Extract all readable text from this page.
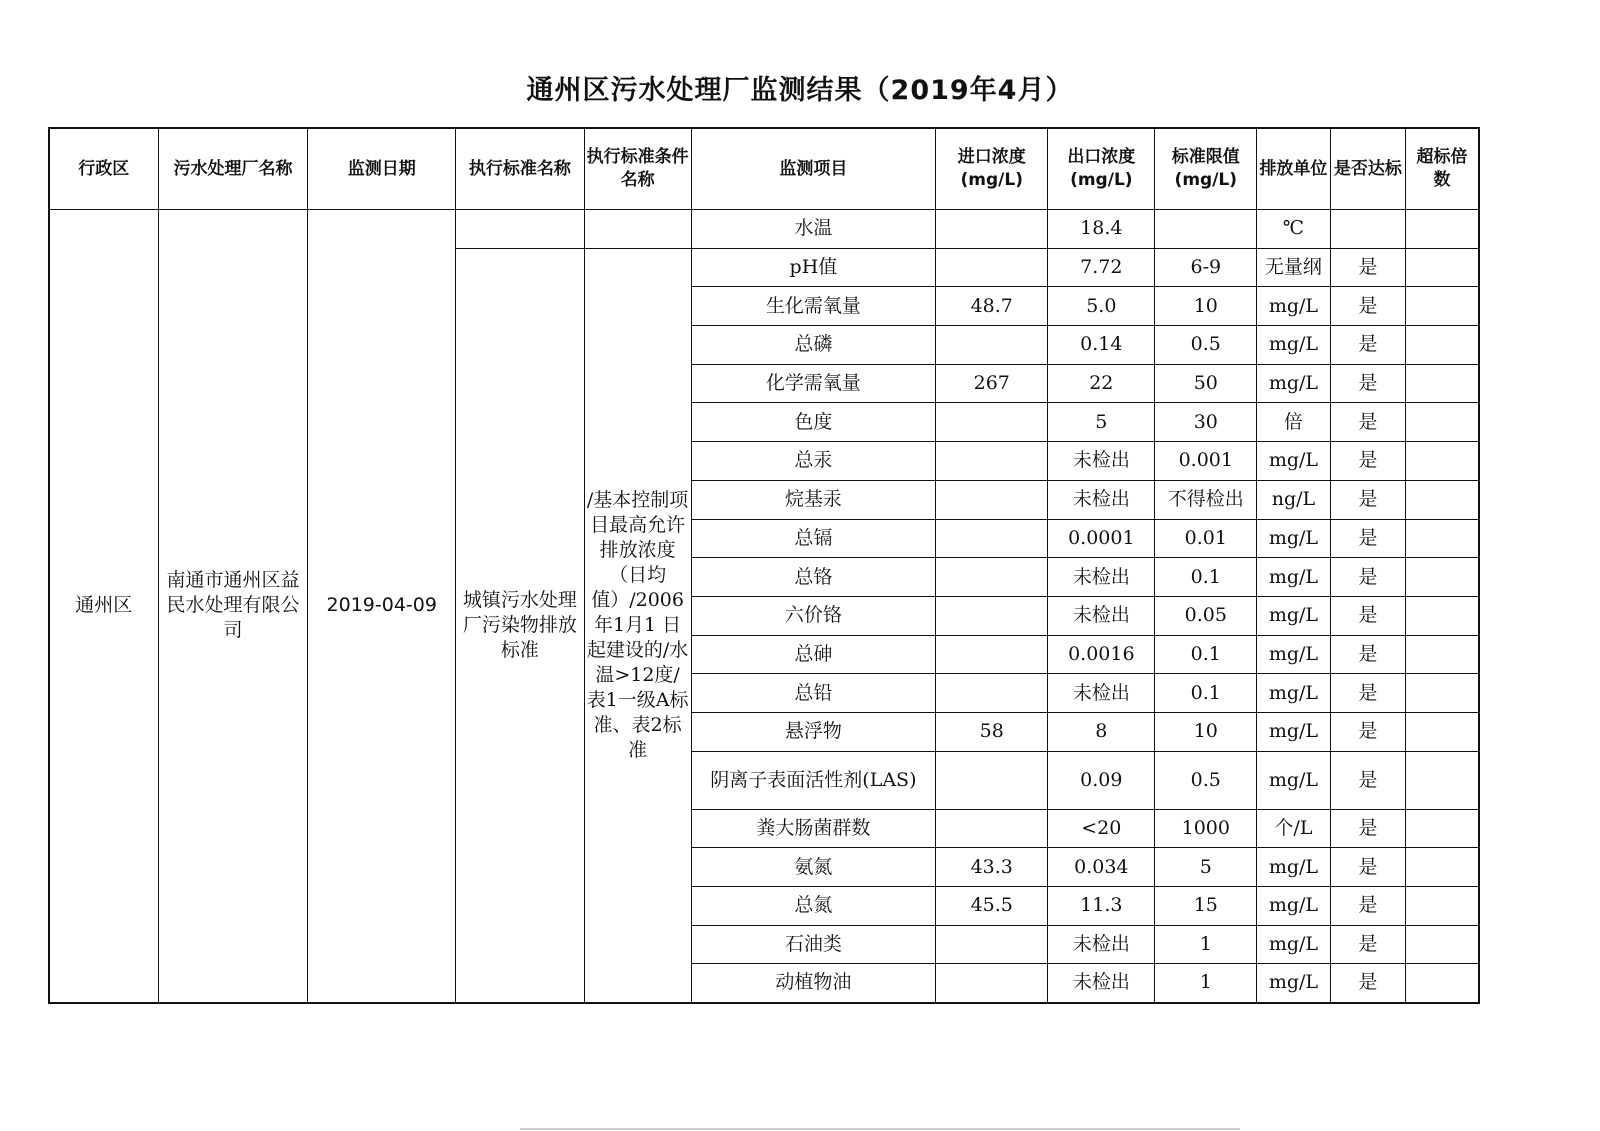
通州区污水处理厂监测结果（2019年4月）
行政区	污水处理厂名称	监测日期	执行标准名称	执行标准条件名称	监测项目	进口浓度(mg/L)	出口浓度(mg/L)	标准限值(mg/L)	排放单位	是否达标	超标倍数
通州区	南通市通州区益民水处理有限公司	2019-04-09			水温		18.4		℃		
			城镇污水处理厂污染物排放标准	/基本控制项目最高允许排放浓度（日均值）/2006 年1月1 日起建设的/水温>12度/表1一级A标准、表2标准	pH值		7.72	6-9	无量纲	是	
					生化需氧量	48.7	5.0	10	mg/L	是	
					总磷		0.14	0.5	mg/L	是	
					化学需氧量	267	22	50	mg/L	是	
					色度		5	30	倍	是	
					总汞		未检出	0.001	mg/L	是	
					烷基汞		未检出	不得检出	ng/L	是	
					总镉		0.0001	0.01	mg/L	是	
					总铬		未检出	0.1	mg/L	是	
					六价铬		未检出	0.05	mg/L	是	
					总砷		0.0016	0.1	mg/L	是	
					总铅		未检出	0.1	mg/L	是	
					悬浮物	58	8	10	mg/L	是	
					阴离子表面活性剂(LAS)		0.09	0.5	mg/L	是	
					粪大肠菌群数		<20	1000	个/L	是	
					氨氮	43.3	0.034	5	mg/L	是	
					总氮	45.5	11.3	15	mg/L	是	
					石油类		未检出	1	mg/L	是	
					动植物油		未检出	1	mg/L	是	
